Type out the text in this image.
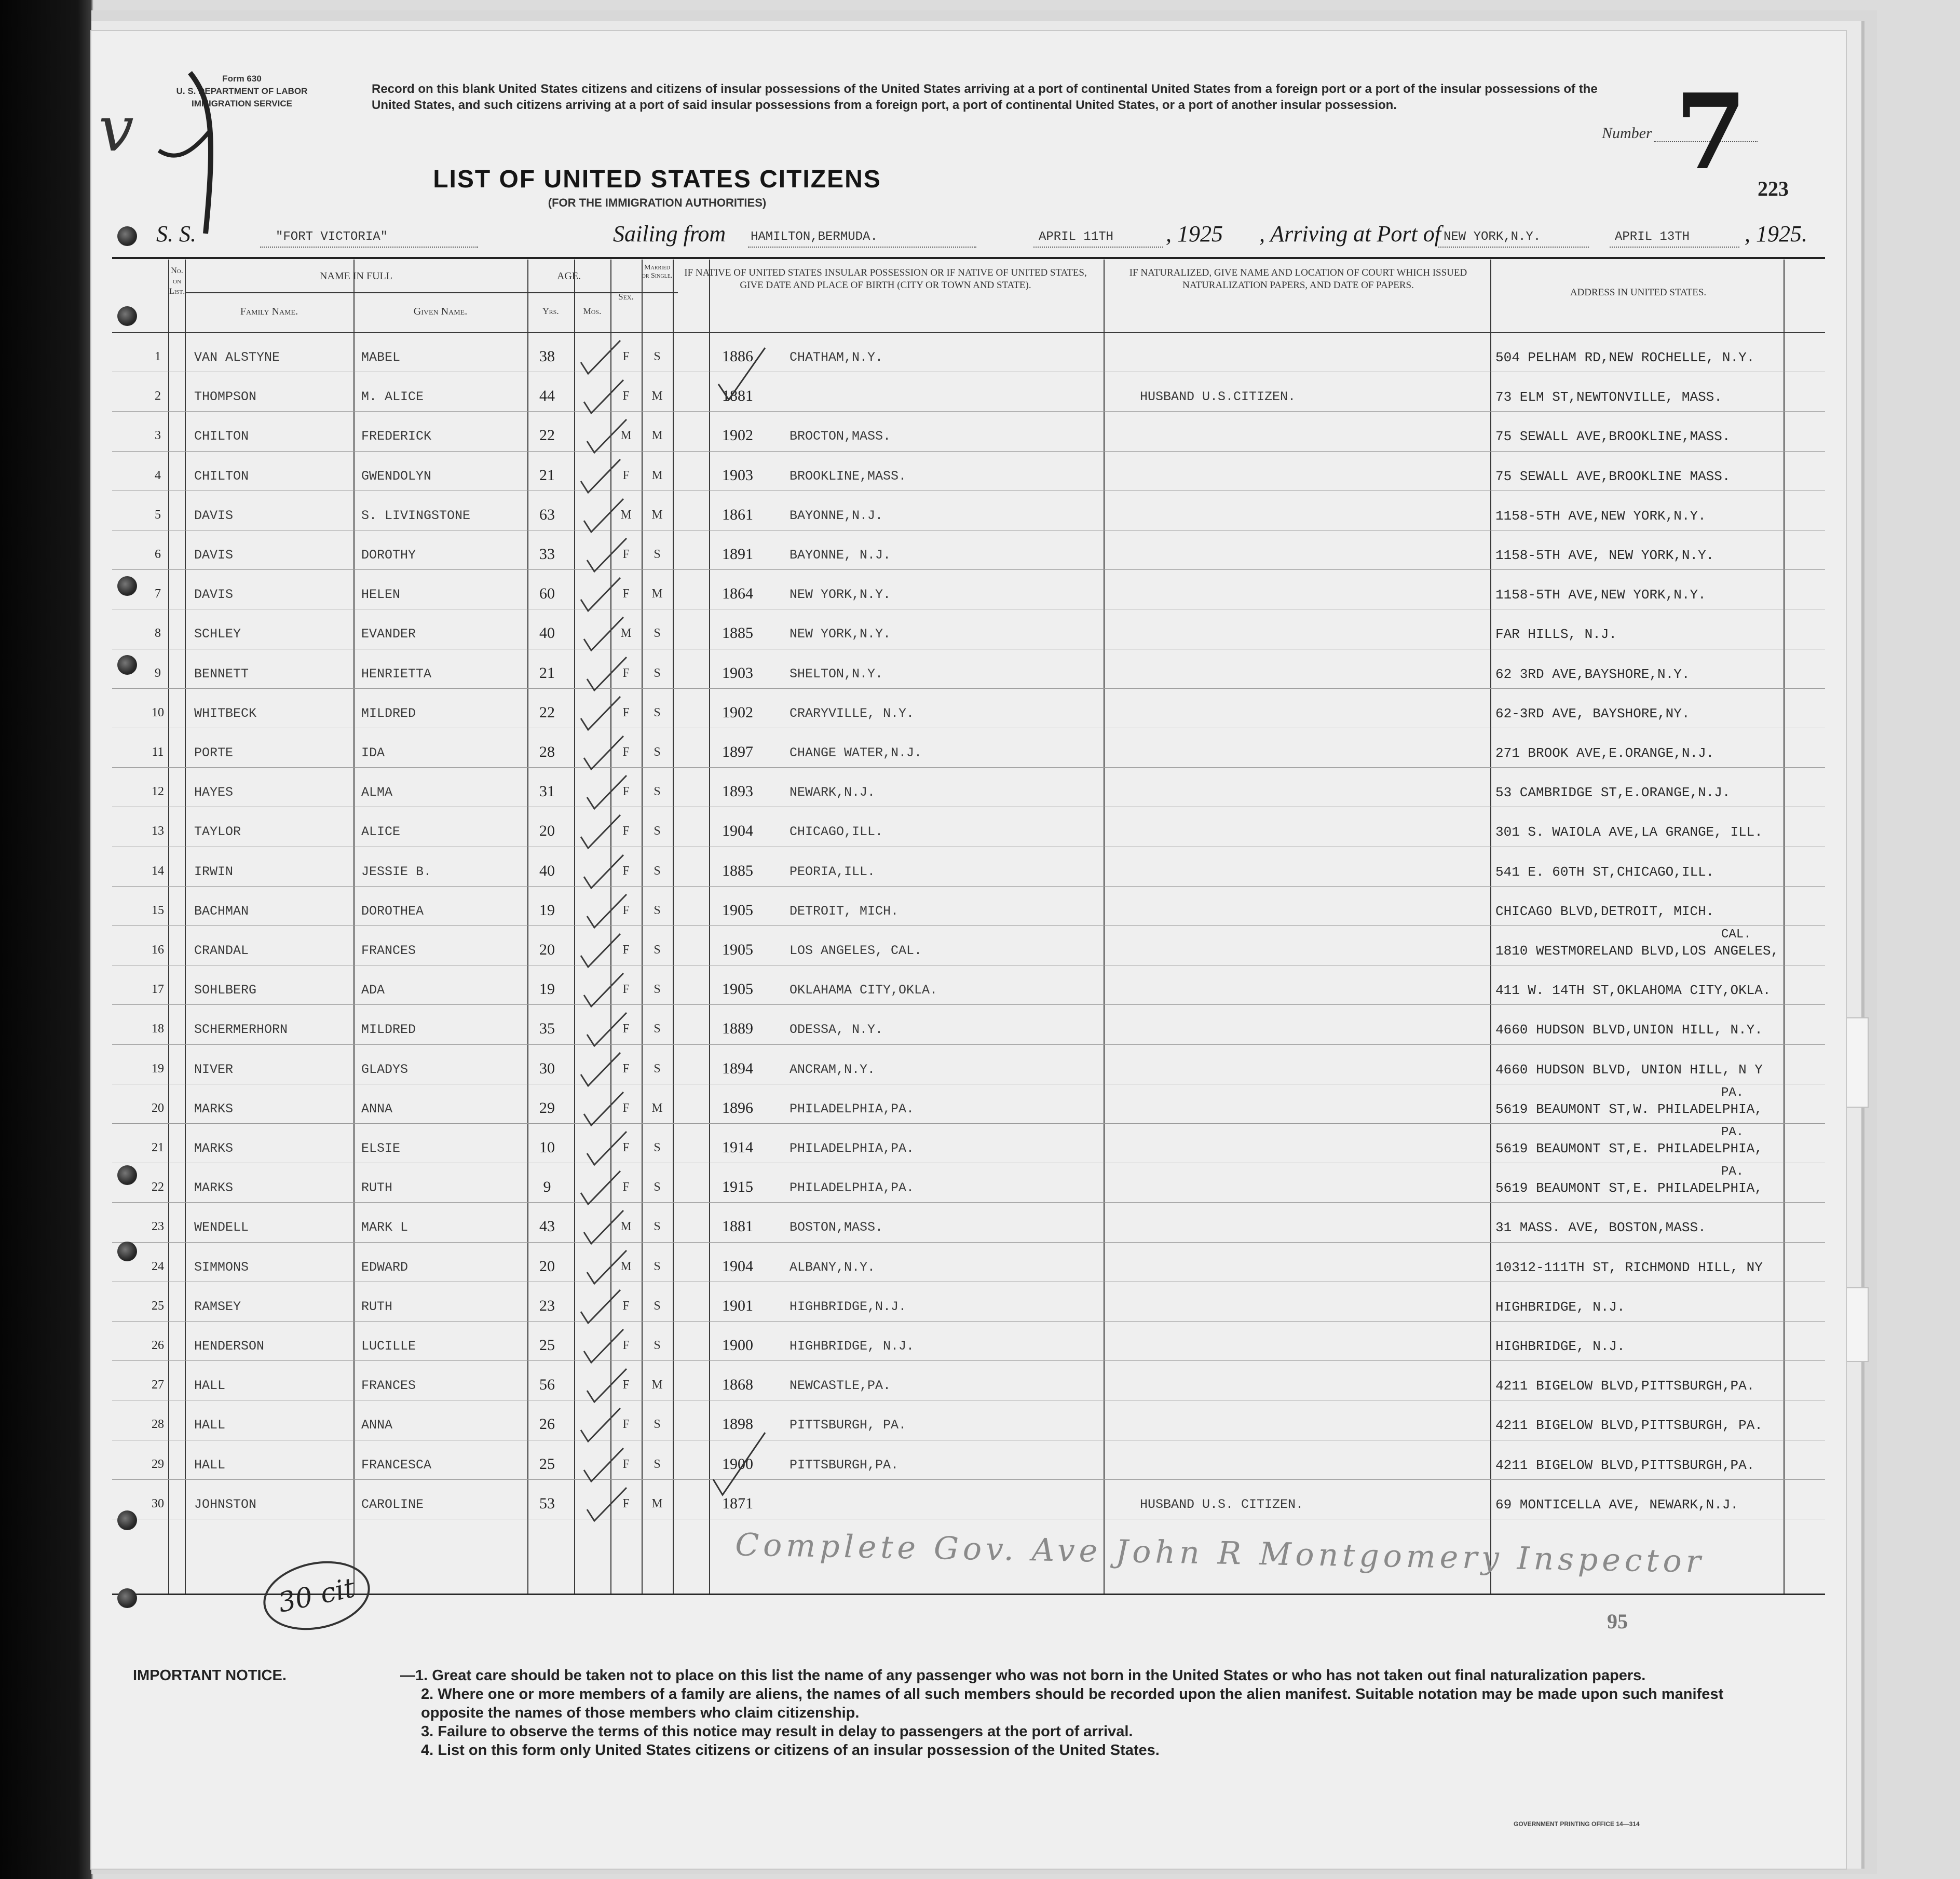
Form 630
U. S. DEPARTMENT OF LABOR
IMMIGRATION SERVICE
v
Record on this blank United States citizens and citizens of insular possessions of the United States arriving at a port of continental United States from a foreign port or a port of the insular possessions of the United States, and such citizens arriving at a port of said insular possessions from a foreign port, a port of continental United States, or a port of another insular possession.
Number 7
LIST OF UNITED STATES CITIZENS
(FOR THE IMMIGRATION AUTHORITIES)
223
S. S.	"FORT VICTORIA"	Sailing from HAMILTON,BERMUDA.	APRIL 11TH , 1925 , Arriving at Port of NEW YORK,N.Y.	APRIL 13TH , 1925.
No. on List.
NAME IN FULL
Family Name.	Given Name.
AGE.
Yrs.	Mos.
Sex.
Married or Single.	IF NATIVE OF UNITED STATES INSULAR POSSESSION OR IF NATIVE OF UNITED STATES, GIVE DATE AND PLACE OF BIRTH (CITY OR TOWN AND STATE).
IF NATURALIZED, GIVE NAME AND LOCATION OF COURT WHICH ISSUED NATURALIZATION PAPERS, AND DATE OF PAPERS.
ADDRESS IN UNITED STATES.
1	VAN ALSTYNE	MABEL	38	F	S	1886	CHATHAM,N.Y.	504 PELHAM RD,NEW ROCHELLE, N.Y.
2	THOMPSON	M. ALICE	44	F	M	1881	HUSBAND U.S.CITIZEN.	73 ELM ST,NEWTONVILLE, MASS.
3	CHILTON	FREDERICK	22	M	M	1902	BROCTON,MASS.	75 SEWALL AVE,BROOKLINE,MASS.
4	CHILTON	GWENDOLYN	21	F	M	1903	BROOKLINE,MASS.	75 SEWALL AVE,BROOKLINE MASS.
5	DAVIS	S. LIVINGSTONE	63	M	M	1861	BAYONNE,N.J.	1158-5TH AVE,NEW YORK,N.Y.
6	DAVIS	DOROTHY	33	F	S	1891	BAYONNE, N.J.	1158-5TH AVE, NEW YORK,N.Y.
7	DAVIS	HELEN	60	F	M	1864	NEW YORK,N.Y.	1158-5TH AVE,NEW YORK,N.Y.
8	SCHLEY	EVANDER	40	M	S	1885	NEW YORK,N.Y.	FAR HILLS, N.J.
9	BENNETT	HENRIETTA	21	F	S	1903	SHELTON,N.Y.	62 3RD AVE,BAYSHORE,N.Y.
10	WHITBECK	MILDRED	22	F	S	1902	CRARYVILLE, N.Y.	62-3RD AVE, BAYSHORE,NY.
11	PORTE	IDA	28	F	S	1897	CHANGE WATER,N.J.	271 BROOK AVE,E.ORANGE,N.J.
12	HAYES	ALMA	31	F	S	1893	NEWARK,N.J.	53 CAMBRIDGE ST,E.ORANGE,N.J.
13	TAYLOR	ALICE	20	F	S	1904	CHICAGO,ILL.	301 S. WAIOLA AVE,LA GRANGE, ILL.
14	IRWIN	JESSIE B.	40	F	S	1885	PEORIA,ILL.	541 E. 60TH ST,CHICAGO,ILL.
15	BACHMAN	DOROTHEA	19	F	S	1905	DETROIT, MICH.	CHICAGO BLVD,DETROIT, MICH.
16	CRANDAL	FRANCES	20	F	S	1905	LOS ANGELES, CAL.	1810 WESTMORELAND BLVD,LOS ANGELES,
CAL.
17	SOHLBERG	ADA	19	F	S	1905	OKLAHAMA CITY,OKLA.	411 W. 14TH ST,OKLAHOMA CITY,OKLA.
18	SCHERMERHORN	MILDRED	35	F	S	1889	ODESSA, N.Y.	4660 HUDSON BLVD,UNION HILL, N.Y.
19	NIVER	GLADYS	30	F	S	1894	ANCRAM,N.Y.	4660 HUDSON BLVD, UNION HILL, N Y
20	MARKS	ANNA	29	F	M	1896	PHILADELPHIA,PA.	5619 BEAUMONT ST,W. PHILADELPHIA,
PA.
21	MARKS	ELSIE	10	F	S	1914	PHILADELPHIA,PA.	5619 BEAUMONT ST,E. PHILADELPHIA,
PA.
22	MARKS	RUTH	9	F	S	1915	PHILADELPHIA,PA.	5619 BEAUMONT ST,E. PHILADELPHIA,
PA.
23	WENDELL	MARK L	43	M	S	1881	BOSTON,MASS.	31 MASS. AVE, BOSTON,MASS.
24	SIMMONS	EDWARD	20	M	S	1904	ALBANY,N.Y.	10312-111TH ST, RICHMOND HILL, NY
25	RAMSEY	RUTH	23	F	S	1901	HIGHBRIDGE,N.J.	HIGHBRIDGE, N.J.
26	HENDERSON	LUCILLE	25	F	S	1900	HIGHBRIDGE, N.J.	HIGHBRIDGE, N.J.
27	HALL	FRANCES	56	F	M	1868	NEWCASTLE,PA.	4211 BIGELOW BLVD,PITTSBURGH,PA.
28	HALL	ANNA	26	F	S	1898	PITTSBURGH, PA.	4211 BIGELOW BLVD,PITTSBURGH, PA.
29	HALL	FRANCESCA	25	F	S	1900	PITTSBURGH,PA.	4211 BIGELOW BLVD,PITTSBURGH,PA.
30	JOHNSTON	CAROLINE	53	F	M	1871	HUSBAND U.S. CITIZEN.	69 MONTICELLA AVE, NEWARK,N.J.
Complete Gov. Ave John R Montgomery Inspector
30 cit
95
IMPORTANT NOTICE.	—1. Great care should be taken not to place on this list the name of any passenger who was not born in the United States or who has not taken out final naturalization papers.
2. Where one or more members of a family are aliens, the names of all such members should be recorded upon the alien manifest. Suitable notation may be made upon such manifest opposite the names of those members who claim citizenship.
3. Failure to observe the terms of this notice may result in delay to passengers at the port of arrival.
4. List on this form only United States citizens or citizens of an insular possession of the United States.
GOVERNMENT PRINTING OFFICE 14—314
